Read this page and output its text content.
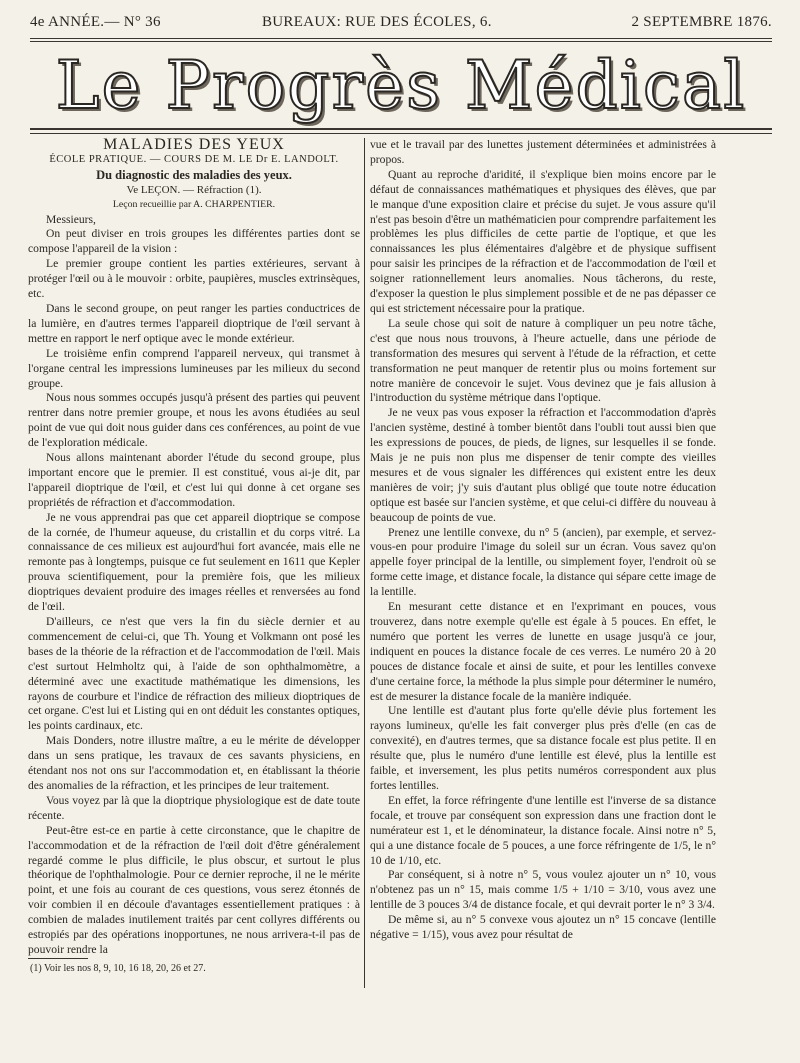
4e ANNÉE.— N° 36	BUREAUX: RUE DES ÉCOLES, 6.	2 SEPTEMBRE 1876.
Le Progrès Médical

MALADIES DES YEUX

ÉCOLE PRATIQUE. — COURS DE M. LE Dr E. LANDOLT.

Du diagnostic des maladies des yeux.

Ve LEÇON. — Réfraction (1).

Leçon recueillie par A. CHARPENTIER.

Messieurs,

On peut diviser en trois groupes les différentes parties dont se compose l'appareil de la vision :

Le premier groupe contient les parties extérieures, servant à protéger l'œil ou à le mouvoir : orbite, paupières, muscles extrinsèques, etc.

Dans le second groupe, on peut ranger les parties conductrices de la lumière, en d'autres termes l'appareil dioptrique de l'œil servant à mettre en rapport le nerf optique avec le monde extérieur.

Le troisième enfin comprend l'appareil nerveux, qui transmet à l'organe central les impressions lumineuses par les milieux du second groupe.

Nous nous sommes occupés jusqu'à présent des parties qui peuvent rentrer dans notre premier groupe, et nous les avons étudiées au seul point de vue qui doit nous guider dans ces conférences, au point de vue de l'exploration médicale.

Nous allons maintenant aborder l'étude du second groupe, plus important encore que le premier. Il est constitué, vous ai-je dit, par l'appareil dioptrique de l'œil, et c'est lui qui donne à cet organe ses propriétés de réfraction et d'accommodation.

Je ne vous apprendrai pas que cet appareil dioptrique se compose de la cornée, de l'humeur aqueuse, du cristallin et du corps vitré. La connaissance de ces milieux est aujourd'hui fort avancée, mais elle ne remonte pas à longtemps, puisque ce fut seulement en 1611 que Kepler prouva scientifiquement, pour la première fois, que les milieux dioptriques devaient produire des images réelles et renversées au fond de l'œil.

D'ailleurs, ce n'est que vers la fin du siècle dernier et au commencement de celui-ci, que Th. Young et Volkmann ont posé les bases de la théorie de la réfraction et de l'accommodation de l'œil. Mais c'est surtout Helmholtz qui, à l'aide de son ophthalmomètre, a déterminé avec une exactitude mathématique les dimensions, les rayons de courbure et l'indice de réfraction des milieux dioptriques de cet organe. C'est lui et Listing qui en ont déduit les constantes optiques, les points cardinaux, etc.

Mais Donders, notre illustre maître, a eu le mérite de développer dans un sens pratique, les travaux de ces savants physiciens, en étendant nos not ons sur l'accommodation et, en établissant la théorie des anomalies de la réfraction, et les principes de leur traitement.

Vous voyez par là que la dioptrique physiologique est de date toute récente.

Peut-être est-ce en partie à cette circonstance, que le chapitre de l'accommodation et de la réfraction de l'œil doit d'être généralement regardé comme le plus difficile, le plus obscur, et surtout le plus théorique de l'ophthalmologie. Pour ce dernier reproche, il ne le mérite point, et une fois au courant de ces questions, vous serez étonnés de voir combien il en découle d'avantages essentiellement pratiques : à combien de malades inutilement traités par cent collyres différents ou estropiés par des opérations inopportunes, ne nous arrivera-t-il pas de pouvoir rendre la

vue et le travail par des lunettes justement déterminées et administrées à propos.

Quant au reproche d'aridité, il s'explique bien moins encore par le défaut de connaissances mathématiques et physiques des élèves, que par le manque d'une exposition claire et précise du sujet. Je vous assure qu'il n'est pas besoin d'être un mathématicien pour comprendre parfaitement les problèmes les plus difficiles de cette partie de l'optique, et que les connaissances les plus élémentaires d'algèbre et de physique suffisent pour saisir les principes de la réfraction et de l'accommodation de l'œil et soigner rationnellement leurs anomalies. Nous tâcherons, du reste, d'exposer la question le plus simplement possible et de ne pas dépasser ce qui est strictement nécessaire pour la pratique.

La seule chose qui soit de nature à compliquer un peu notre tâche, c'est que nous nous trouvons, à l'heure actuelle, dans une période de transformation des mesures qui servent à l'étude de la réfraction, et cette transformation ne peut manquer de retentir plus ou moins fortement sur notre manière de concevoir le sujet. Vous devinez que je fais allusion à l'introduction du système métrique dans l'optique.

Je ne veux pas vous exposer la réfraction et l'accommodation d'après l'ancien système, destiné à tomber bientôt dans l'oubli tout aussi bien que les expressions de pouces, de pieds, de lignes, sur lesquelles il se fonde. Mais je ne puis non plus me dispenser de tenir compte des vieilles mesures et de vous signaler les différences qui existent entre les deux manières de voir; j'y suis d'autant plus obligé que toute notre éducation optique est basée sur l'ancien système, et que celui-ci diffère du nouveau à beaucoup de points de vue.

Prenez une lentille convexe, du n° 5 (ancien), par exemple, et servez-vous-en pour produire l'image du soleil sur un écran. Vous savez qu'on appelle foyer principal de la lentille, ou simplement foyer, l'endroit où se forme cette image, et distance focale, la distance qui sépare cette image de la lentille.

En mesurant cette distance et en l'exprimant en pouces, vous trouverez, dans notre exemple qu'elle est égale à 5 pouces. En effet, le numéro que portent les verres de lunette en usage jusqu'à ce jour, indiquent en pouces la distance focale de ces verres. Le numéro 20 à 20 pouces de distance focale et ainsi de suite, et pour les lentilles convexe d'une certaine force, la méthode la plus simple pour déterminer le numéro, est de mesurer la distance focale de la manière indiquée.

Une lentille est d'autant plus forte qu'elle dévie plus fortement les rayons lumineux, qu'elle les fait converger plus près d'elle (en cas de convexité), en d'autres termes, que sa distance focale est plus petite. Il en résulte que, plus le numéro d'une lentille est élevé, plus la lentille est faible, et inversement, les plus petits numéros correspondent aux plus fortes lentilles.

En effet, la force réfringente d'une lentille est l'inverse de sa distance focale, et trouve par conséquent son expression dans une fraction dont le numérateur est 1, et le dénominateur, la distance focale. Ainsi notre n° 5, qui a une distance focale de 5 pouces, a une force réfringente de 1/5, le n° 10 de 1/10, etc.

Par conséquent, si à notre n° 5, vous voulez ajouter un n° 10, vous n'obtenez pas un n° 15, mais comme 1/5 + 1/10 = 3/10, vous avez une lentille de 3 pouces 3/4 de distance focale, et qui devrait porter le n° 3 3/4.

De même si, au n° 5 convexe vous ajoutez un n° 15 concave (lentille négative = 1/15), vous avez pour résultat de

(1) Voir les nos 8, 9, 10, 16 18, 20, 26 et 27.
